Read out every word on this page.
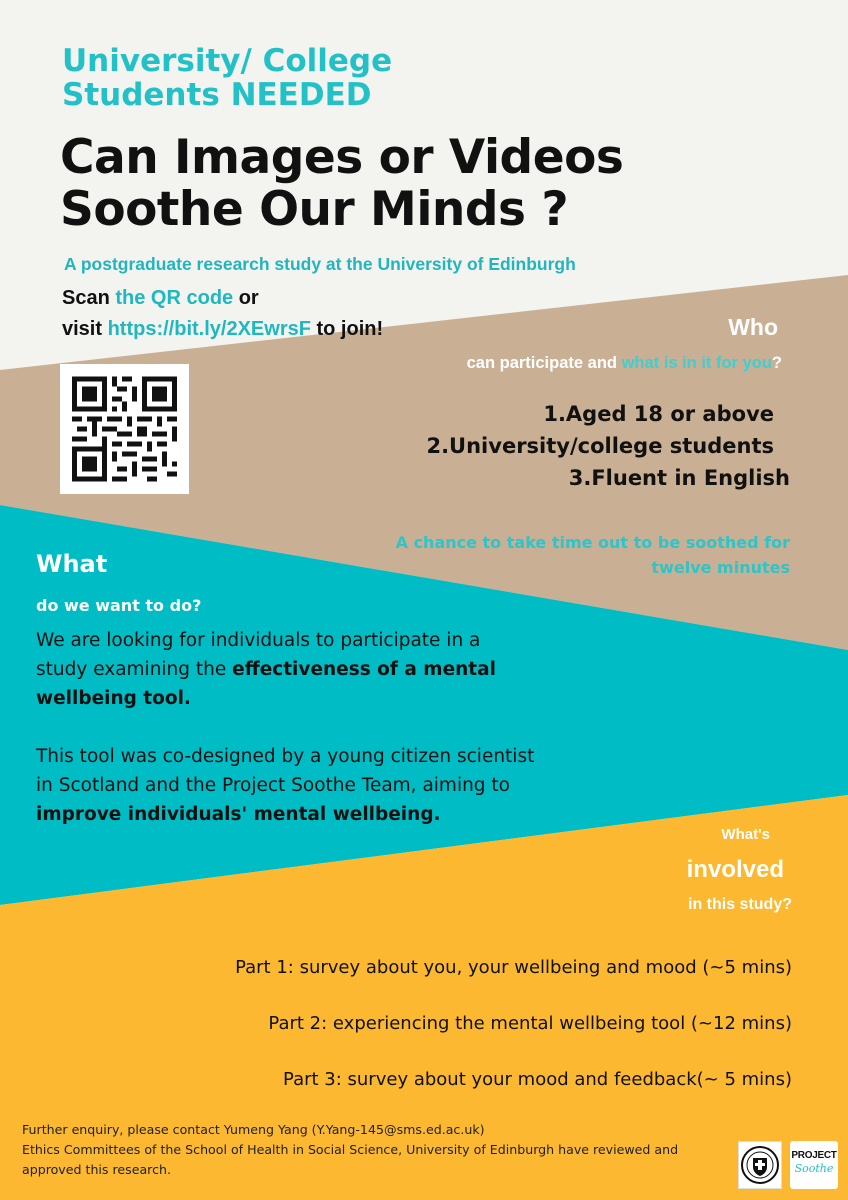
University/ College
Students NEEDED
Can Images or Videos
Soothe Our Minds ?
A postgraduate research study at the University of Edinburgh
Scan the QR code or
visit https://bit.ly/2XEwrsF to join!	Who
can participate and what is in it for you?
1.Aged 18 or above
2.University/college students
3.Fluent in English
A chance to take time out to be soothed for
twelve minutes
What
do we want to do?

We are looking for individuals to participate in a study examining the effectiveness of a mental wellbeing tool.

This tool was co-designed by a young citizen scientist in Scotland and the Project Soothe Team, aiming to improve individuals' mental wellbeing.

What's
involved
in this study?
Part 1: survey about you, your wellbeing and mood (~5 mins)
Part 2: experiencing the mental wellbeing tool (~12 mins)
Part 3: survey about your mood and feedback(~ 5 mins)
Further enquiry, please contact Yumeng Yang (Y.Yang-145@sms.ed.ac.uk)
Ethics Committees of the School of Health in Social Science, University of Edinburgh have reviewed and approved this research.
PROJECT
Soothe
